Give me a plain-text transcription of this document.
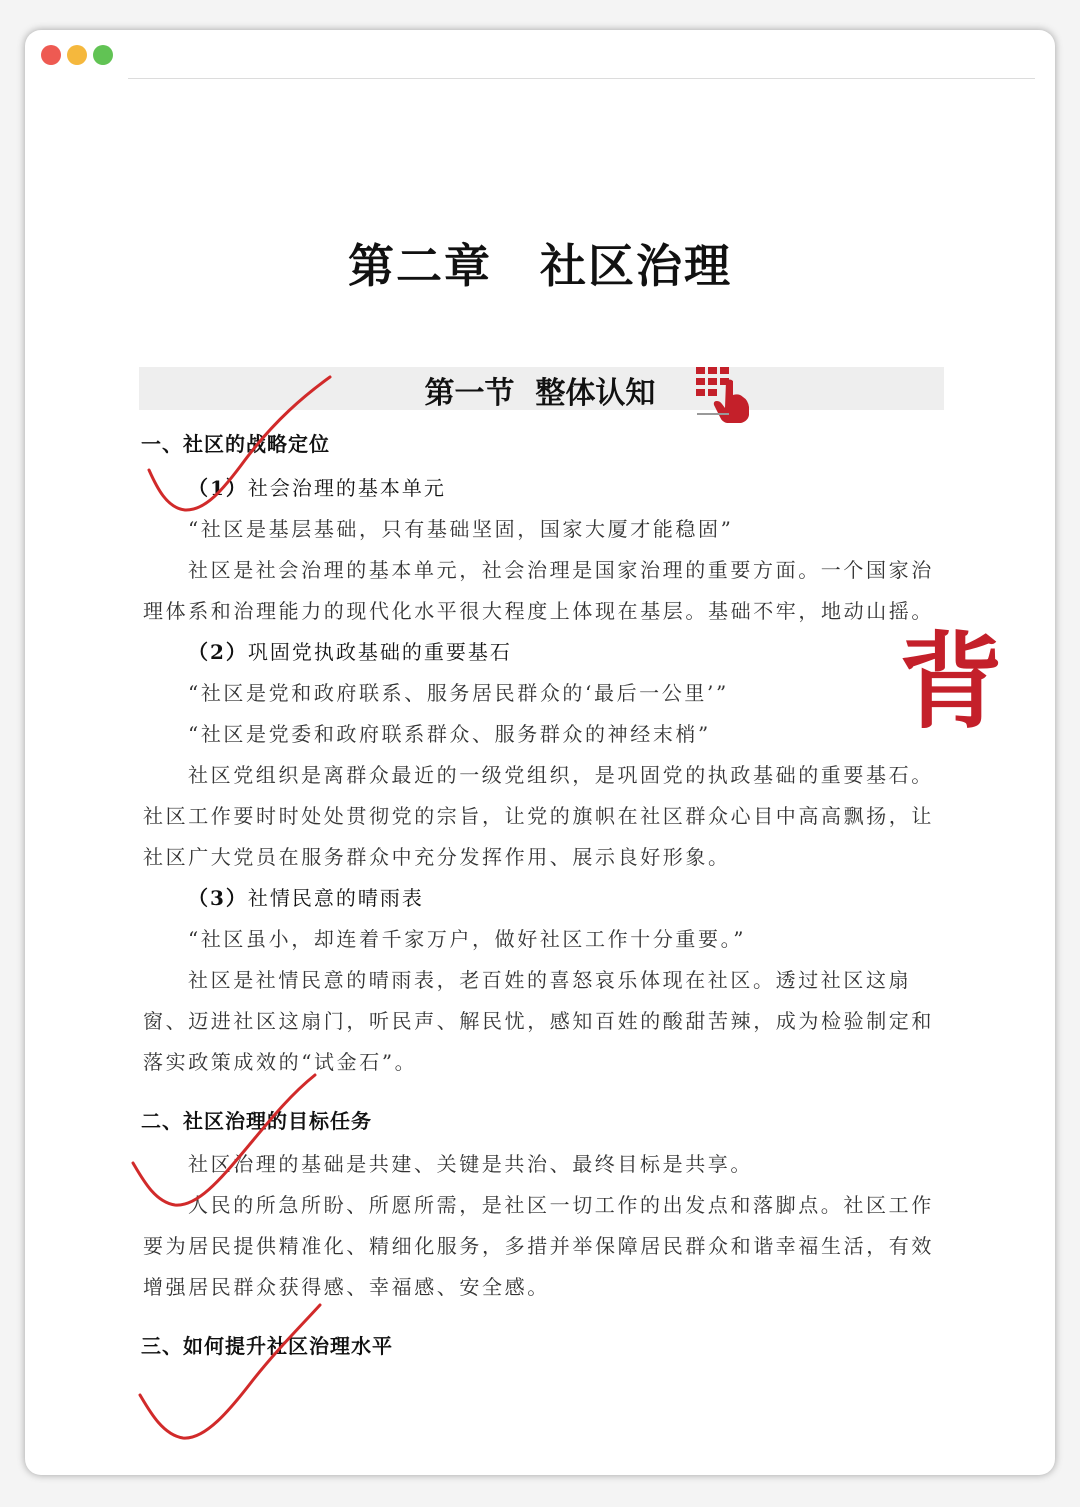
第二章　社区治理
第一节  整体认知
一、社区的战略定位
（1）社会治理的基本单元
“社区是基层基础，只有基础坚固，国家大厦才能稳固”
社区是社会治理的基本单元，社会治理是国家治理的重要方面。一个国家治
理体系和治理能力的现代化水平很大程度上体现在基层。基础不牢，地动山摇。
（2）巩固党执政基础的重要基石
“社区是党和政府联系、服务居民群众的‘最后一公里’”
“社区是党委和政府联系群众、服务群众的神经末梢”
社区党组织是离群众最近的一级党组织，是巩固党的执政基础的重要基石。
社区工作要时时处处贯彻党的宗旨，让党的旗帜在社区群众心目中高高飘扬，让
社区广大党员在服务群众中充分发挥作用、展示良好形象。
（3）社情民意的晴雨表
“社区虽小，却连着千家万户，做好社区工作十分重要。”
社区是社情民意的晴雨表，老百姓的喜怒哀乐体现在社区。透过社区这扇
窗、迈进社区这扇门，听民声、解民忧，感知百姓的酸甜苦辣，成为检验制定和
落实政策成效的“试金石”。
二、社区治理的目标任务
社区治理的基础是共建、关键是共治、最终目标是共享。
人民的所急所盼、所愿所需，是社区一切工作的出发点和落脚点。社区工作
要为居民提供精准化、精细化服务，多措并举保障居民群众和谐幸福生活，有效
增强居民群众获得感、幸福感、安全感。
三、如何提升社区治理水平
背
